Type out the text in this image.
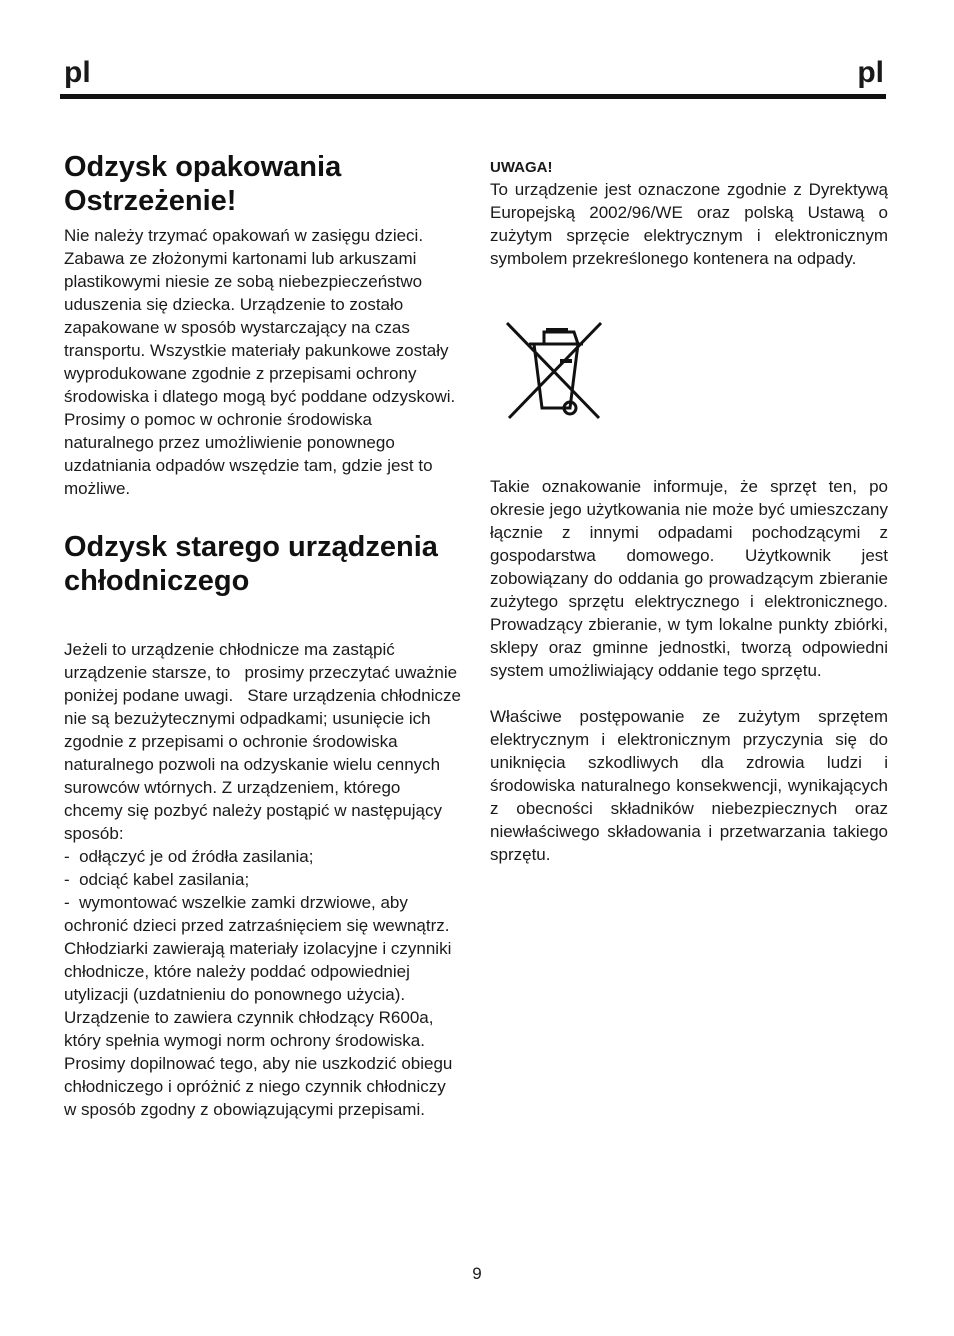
pl	pl
Odzysk opakowania Ostrzeżenie!

Nie należy trzymać opakowań w zasięgu dzieci. Zabawa ze złożonymi kartonami lub arkuszami plastikowymi niesie ze sobą niebezpieczeństwo uduszenia się dziecka. Urządzenie to zostało zapakowane w sposób wystarczający na czas transportu. Wszystkie materiały pakunkowe zostały wyprodukowane zgodnie z przepisami ochrony środowiska i dlatego mogą być poddane odzyskowi. Prosimy o pomoc w ochronie środowiska naturalnego przez umożliwienie ponownego uzdatniania odpadów wszędzie tam, gdzie jest to możliwe.

Odzysk starego urządzenia chłodniczego

Jeżeli to urządzenie chłodnicze ma zastąpić urządzenie starsze, to   prosimy przeczytać uważnie poniżej podane uwagi.   Stare urządzenia chłodnicze nie są bezużytecznymi odpadkami; usunięcie ich zgodnie z przepisami o ochronie środowiska naturalnego pozwoli na odzyskanie wielu cennych surowców wtórnych. Z urządzeniem, którego chcemy się pozbyć należy postąpić w następujący sposób:

-  odłączyć je od źródła zasilania;

-  odciąć kabel zasilania;

-  wymontować wszelkie zamki drzwiowe, aby ochronić dzieci przed zatrzaśnięciem się wewnątrz.

Chłodziarki zawierają materiały izolacyjne i czynniki chłodnicze, które należy poddać odpowiedniej utylizacji (uzdatnieniu do ponownego użycia). Urządzenie to zawiera czynnik chłodzący R600a, który spełnia wymogi norm ochrony środowiska. Prosimy dopilnować tego, aby nie uszkodzić obiegu chłodniczego i opróżnić z niego czynnik chłodniczy w sposób zgodny z obowiązującymi przepisami.

UWAGA!

To urządzenie jest oznaczone zgodnie z Dyrektywą Europejską 2002/96/WE oraz polską Ustawą o zużytym sprzęcie elektrycznym i elektronicznym symbolem przekreślonego kontenera na odpady.

Takie oznakowanie informuje, że sprzęt ten, po okresie jego użytkowania nie może być umieszczany łącznie z innymi odpadami pochodzącymi z gospodarstwa domowego. Użytkownik jest zobowiązany do oddania go prowadzącym zbieranie zużytego sprzętu elektrycznego i elektronicznego. Prowadzący zbieranie, w tym lokalne punkty zbiórki, sklepy oraz gminne jednostki, tworzą odpowiedni system umożliwiający oddanie tego sprzętu.

Właściwe postępowanie ze zużytym sprzętem elektrycznym i elektronicznym przyczynia się do uniknięcia szkodliwych dla zdrowia ludzi i środowiska naturalnego konsekwencji, wynikających z obecności składników niebezpiecznych oraz niewłaściwego składowania i przetwarzania takiego sprzętu.

9
